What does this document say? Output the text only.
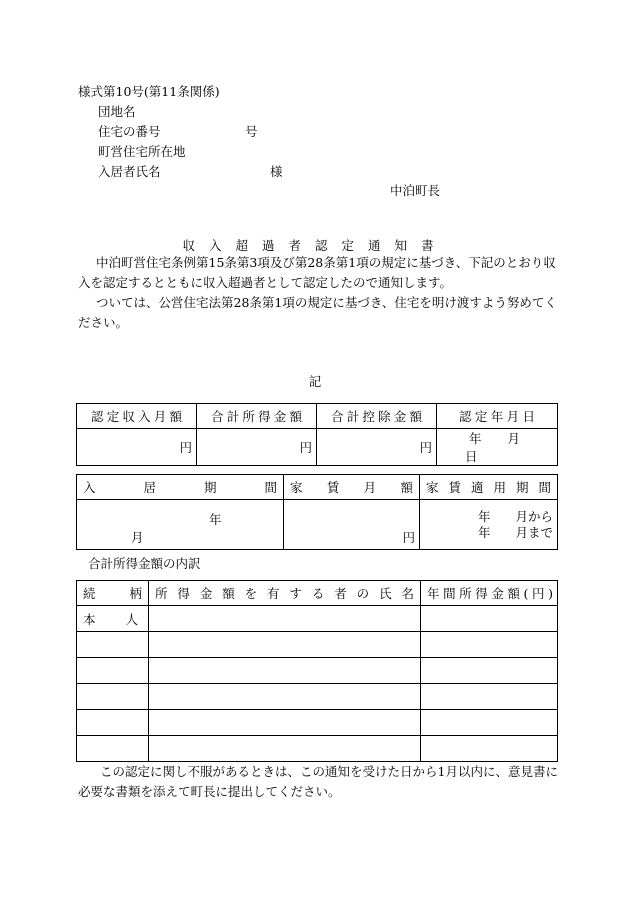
様式第10号(第11条関係)
団地名
住宅の番号	号
町営住宅所在地
入居者氏名	様
中泊町長
収入超過者認定通知書
中泊町営住宅条例第15条第3項及び第28条第1項の規定に基づき、下記のとおり収入を認定するとともに収入超過者として認定したので通知します。
ついては、公営住宅法第28条第1項の規定に基づき、住宅を明け渡すよう努めてください。
記
認定収入月額	合計所得金額	合計控除金額	認定年月日

円	円	円	年 月 日
入居期間	家賃月額	家賃適用期間

年 月	円	年　　月から
年　　月まで
合計所得金額の内訳
続柄	所得金額を有する者の氏名	年間所得金額(円)

本人		

この認定に関し不服があるときは、この通知を受けた日から1月以内に、意見書に必要な書類を添えて町長に提出してください。
